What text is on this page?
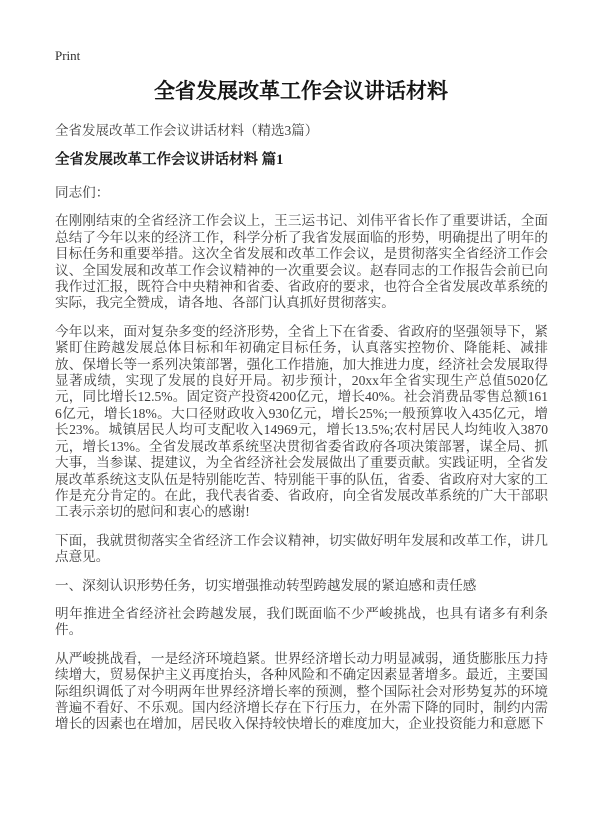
Print
全省发展改革工作会议讲话材料
全省发展改革工作会议讲话材料（精选3篇）
全省发展改革工作会议讲话材料 篇1

同志们：

在刚刚结束的全省经济工作会议上，王三运书记、刘伟平省长作了重要讲话，全面总结了今年以来的经济工作，科学分析了我省发展面临的形势，明确提出了明年的目标任务和重要举措。这次全省发展和改革工作会议，是贯彻落实全省经济工作会议、全国发展和改革工作会议精神的一次重要会议。赵春同志的工作报告会前已向我作过汇报，既符合中央精神和省委、省政府的要求，也符合全省发展改革系统的实际，我完全赞成，请各地、各部门认真抓好贯彻落实。

今年以来，面对复杂多变的经济形势，全省上下在省委、省政府的坚强领导下，紧紧盯住跨越发展总体目标和年初确定目标任务，认真落实控物价、降能耗、减排放、保增长等一系列决策部署，强化工作措施，加大推进力度，经济社会发展取得显著成绩，实现了发展的良好开局。初步预计，20xx年全省实现生产总值5020亿元，同比增长12.5%。固定资产投资4200亿元，增长40%。社会消费品零售总额1616亿元，增长18%。大口径财政收入930亿元，增长25%;一般预算收入435亿元，增长23%。城镇居民人均可支配收入14969元，增长13.5%;农村居民人均纯收入3870元，增长13%。全省发展改革系统坚决贯彻省委省政府各项决策部署，谋全局、抓大事，当参谋、提建议，为全省经济社会发展做出了重要贡献。实践证明，全省发展改革系统这支队伍是特别能吃苦、特别能干事的队伍，省委、省政府对大家的工作是充分肯定的。在此，我代表省委、省政府，向全省发展改革系统的广大干部职工表示亲切的慰问和衷心的感谢!

下面，我就贯彻落实全省经济工作会议精神，切实做好明年发展和改革工作，讲几点意见。

一、深刻认识形势任务，切实增强推动转型跨越发展的紧迫感和责任感

明年推进全省经济社会跨越发展，我们既面临不少严峻挑战，也具有诸多有利条件。

从严峻挑战看，一是经济环境趋紧。世界经济增长动力明显减弱，通货膨胀压力持续增大，贸易保护主义再度抬头，各种风险和不确定因素显著增多。最近，主要国际组织调低了对今明两年世界经济增长率的预测，整个国际社会对形势复苏的环境普遍不看好、不乐观。国内经济增长存在下行压力，在外需下降的同时，制约内需增长的因素也在增加，居民收入保持较快增长的难度加大，企业投资能力和意愿下
